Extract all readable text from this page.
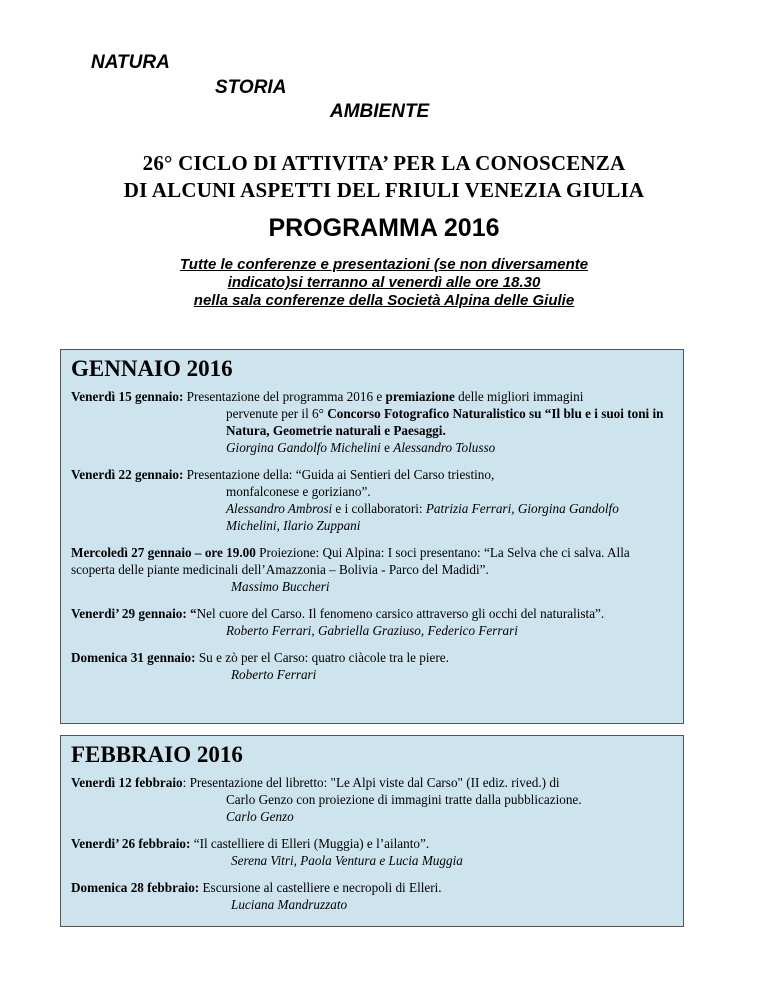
NATURA
STORIA
AMBIENTE
26° CICLO DI ATTIVITA’ PER LA CONOSCENZA
DI ALCUNI ASPETTI DEL FRIULI VENEZIA GIULIA
PROGRAMMA 2016
Tutte le conferenze e presentazioni (se non diversamente
indicato)si terranno al venerdì alle ore 18.30
nella sala conferenze della Società Alpina delle Giulie
GENNAIO 2016
Venerdì 15 gennaio: Presentazione del programma 2016 e premiazione delle migliori immagini
pervenute per il 6° Concorso Fotografico Naturalistico su “Il blu e i suoi toni in Natura, Geometrie naturali e Paesaggi.
Giorgina Gandolfo Michelini e Alessandro Tolusso
Venerdì 22 gennaio: Presentazione della: “Guida ai Sentieri del Carso triestino,
monfalconese e goriziano”.
Alessandro Ambrosi e i collaboratori: Patrizia Ferrari, Giorgina Gandolfo Michelini, Ilario Zuppani
Mercoledì 27 gennaio – ore 19.00 Proiezione: Qui Alpina: I soci presentano: “La Selva che ci salva. Alla scoperta delle piante medicinali dell’Amazzonia – Bolivia - Parco del Madidi”.
Massimo Buccheri
Venerdi’ 29 gennaio: “Nel cuore del Carso. Il fenomeno carsico attraverso gli occhi del naturalista”.
Roberto Ferrari, Gabriella Graziuso, Federico Ferrari
Domenica 31 gennaio: Su e zò per el Carso: quatro ciàcole tra le piere.
Roberto Ferrari
FEBBRAIO 2016
Venerdì 12 febbraio: Presentazione del libretto: "Le Alpi viste dal Carso" (II ediz. rived.) di
Carlo Genzo con proiezione di immagini tratte dalla pubblicazione.
Carlo Genzo
Venerdi’ 26 febbraio: “Il castelliere di Elleri (Muggia) e l’ailanto”.
Serena Vitri, Paola Ventura e Lucia Muggia
Domenica 28 febbraio: Escursione al castelliere e necropoli di Elleri.
Luciana Mandruzzato
